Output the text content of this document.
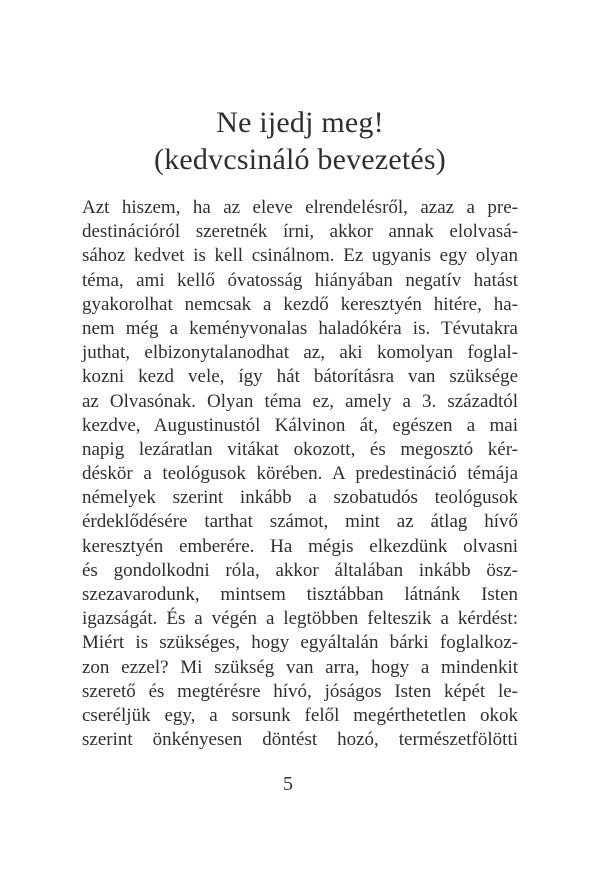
Ne ijedj meg!
(kedvcsináló bevezetés)
Azt hiszem, ha az eleve elrendelésről, azaz a pre-
destinációról szeretnék írni, akkor annak elolvasá-
sához kedvet is kell csinálnom. Ez ugyanis egy olyan
téma, ami kellő óvatosság hiányában negatív hatást
gyakorolhat nemcsak a kezdő keresztyén hitére, ha-
nem még a keményvonalas haladókéra is. Tévutakra
juthat, elbizonytalanodhat az, aki komolyan foglal-
kozni kezd vele, így hát bátorításra van szüksége
az Olvasónak. Olyan téma ez, amely a 3. századtól
kezdve, Augustinustól Kálvinon át, egészen a mai
napig lezáratlan vitákat okozott, és megosztó kér-
déskör a teológusok körében. A predestináció témája
némelyek szerint inkább a szobatudós teológusok
érdeklődésére tarthat számot, mint az átlag hívő
keresztyén emberére. Ha mégis elkezdünk olvasni
és gondolkodni róla, akkor általában inkább ösz-
szezavarodunk, mintsem tisztábban látnánk Isten
igazságát. És a végén a legtöbben felteszik a kérdést:
Miért is szükséges, hogy egyáltalán bárki foglalkoz-
zon ezzel? Mi szükség van arra, hogy a mindenkit
szerető és megtérésre hívó, jóságos Isten képét le-
cseréljük egy, a sorsunk felől megérthetetlen okok
szerint önkényesen döntést hozó, természetfölötti
5
